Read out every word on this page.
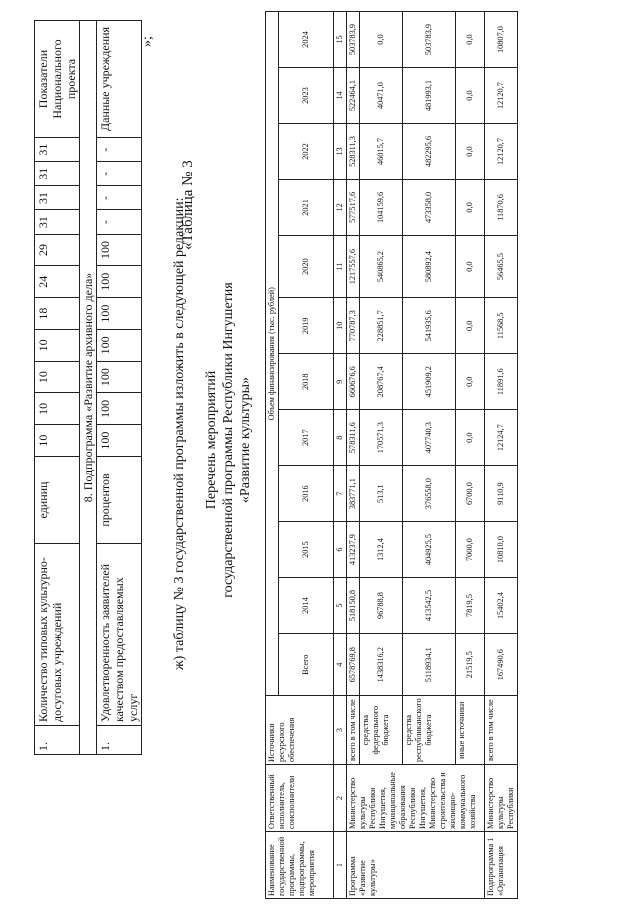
1.	Количество типовых культурно-досуговых учреждений	единиц	10	10	10	10	18	24	29	31	31	31	31	Показатели Национального проекта
8. Подпрограмма «Развитие архивного дела»														
1.	Удовлетворенность заявителей качеством предоставляемых услуг	процентов	100	100	100	100	100	100	100	-	-	-	-	Данные учреждения »;
ж) таблицу № 3 государственной программы изложить в следующей редакции:
«Таблица № 3
Перечень мероприятий государственной программы Республики Ингушетия «Развитие культуры»
Наименование государственной программы, подпрограммы, мероприятия	Ответственный исполнитель, соисполнители	Источники ресурсного обеспечения	Объем финансирования (тыс. рублей)											
			Всего	2014	2015	2016	2017	2018	2019	2020	2021	2022	2023	2024
1	2	3	4	5	6	7	8	9	10	11	12	13	14	15
Программа «Развитие культуры»	Министерство культуры Республики Ингушетия, муниципальные образования Республики Ингушетия, Министерство строительства и жилищно-коммунального хозяйства	всего в том числе	6578769,8	518150,8	413237,9	383771,1	578311,6	660676,6	770787,3	1217557,6	577517,6	528311,3	522464,1	503783,9
		средства федерального бюджета	1438316,2	96788,8	1312,4	513,1	170571,3	208767,4	228851,7	540865,2	104159,6	46015,7	40471,0	0,0
		средства республиканского бюджета	5118934,1	413542,5	404925,5	376558,0	407740,3	451909,2	541935,6	580892,4	473358,0	482295,6	481993,1	503783,9
		иные источники	21519,5	7819,5	7000,0	6700,0	0,0	0,0	0,0	0,0	0,0	0,0	0,0	0,0
Подпрограмма 1 «Организация	Министерство культуры Республики	всего в том числе	167490,6	15402,4	10810,0	9110,9	12124,7	11891,6	11568,5	56465,5	11870,6	12120,7	12120,7	10807,0
